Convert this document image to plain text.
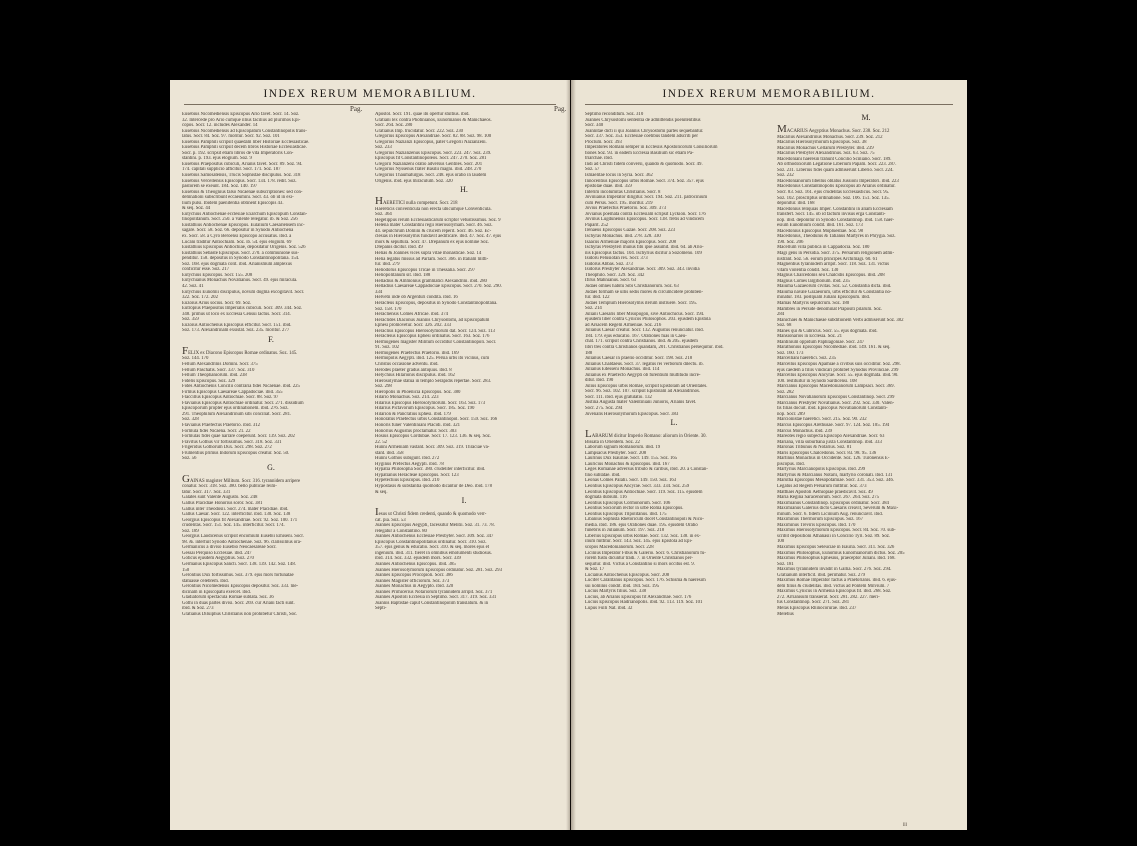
INDEX RERUM MEMORABILIUM.
Pag.	Pag.
Eusebius Nicomediensis Episcopus Ario favet. Socr. 14. Soz.
32. Intercede pro Ario cumque illius facilius ad plurimos Epi-
copos. Socr. 12. includes Alexander. 14
Eusebius Nicomediensis ad Episcopatum Constantinopolis trans-
latus. Socr. 84. Soz. 97. moritur. Socr. 92. Soz. 101
Eusebius Pamphili scripsit quaedam liber Historiae Ecclesiasticae.
Eusebius Pamphili scripsit decem libros Historiae Ecclesiasticae.
Socr. p. 192. scripsit etiam libros de vita Imperatoris Con-
stantini. p. 193. ejus elogium. Soz. 9
Eusebius Praepositus cubiculi, Arianis favet. Socr. 89. Soz. 94.
174. capitali supplicio afficitur. Socr. 171. Soz. 187
Eusebius Samosatensis, Trucis Sophistae discipulus. Soz. 318
Eusebius Vercellensis Episcopus. Socr. 134. 178. redit. Soz.
pastorem se exeunt. 184. Soz. 140. 197
Eusebius & Theognius falso Nicaenae subscriptiones: sed con-
demnationi subscribunt eccaeumini. Socr. 43. ob id in exi-
lium pulsi. Ibidem paenitentia obtinent Episcopis 43.
& seq. Soz. 44
Eutychius Antiochenae ecclesiae Exarchum Episcopum Constan-
tinopolitanum. Socr. 250. a Valente relegatur. ib. & Soz. 256
Eustathius Antiochenae Episcopus. Eulalium Caesariensem inc-
sagare. Socr. 58. Soz. 66. depositur in Synodo Antiochena
ex. Socr. 58. a Cyro Beroensi Episcopo accusatus. ibid. a
Lucani traditur Antiochiam. Soz. ib. 54. ejus elogium. 69
Eustathius Episcopus Antiochiae, depositatur Origenis. Soz. 526
Eustathius Sebaste Episcopus. Socr. 270. a communione sus-
penditur. 158. depositus in Synodo Constantinopolitana. 154.
Soz. 168. ejus dogmata colit. ibid. Arianismum amplexus
conficitur esse. Soz. 217
Eutychius Episcopus. Socr. 155. 208
Eutychianus Monachus Novatianus. Socr. 49. ejus miracula.
42. Soz. 41
Eutychius Eunomii discipulus, novum dogma excogitavit. Socr.
322. Soz. 172. 202
Euzoius Arius socius. Socr. 69. Soz.
Eutropius Praepositus Imperialis cubiculi. Socr. 309. 344. Soz.
348. primus ut loco ex Ecclesia Censui lactus. Socr. 314.
Soz. 359
Euzoius Antiochenus Episcopus efficitur. Socr. 151. ibid.
Soz. 173. Alexandrinam exsistat. Soz. 235. moritur. 277
F.
FELIX ex Diacono Episcopus Romae ordinatus. Soz. 145.
Soz. 144. 170
Fellum Alexandrinis Domini. Socr. 375
Fellum Paschatis. Socr. 337. Soz. 310
Fellum Theophaniorum. ibid. 238
Fidelis Episcopus. Soz. 329
Fides Antiochenis Concilii contraria fidei Nicaenae. ibid. 225
Firmus Episcopus Caesareae Cappadociae. ibid. 355
Flaccillus Episcopus Antiochiae. Socr. 88. Soz. 97
Flavianus Episcopus Antiochiae ordinatur. Socr. 271. dissidium
Episcoporum propter ejus ordinationem. ibid. 276. Soz.
291. Theophilum Alexandrinum sibi conciliat. Socr. 281.
Soz. 328
Flavianus Praefectus Praetorio. ibid. 312
Formula fidei Nicaena. Socr. 21. 22
Formulas fidei quae narrare coeperunt. Socr. 139. Soz. 202
Fravitus Gothus vir fortissimus. Socr. 318. Soz. 331
Frigeridus Gothorum Dux. Socr. 298. Soz. 272
Frumentius primus Indorum Episcopus creatur. Soz. 50.
Soz. 56
G.
GAINAS magister Militum. Socr. 316. tyrannidem arripere
conatur. Socr. 318. Soz. 380. bello publicae reim-
tatur. Socr. 317. Soz. 331
Galates sunt Valente Augusto. Soz. 248
Gallus Placidiae Honorius soror. Soz. 381
Gallus inter Theodosii. Socr. 274. mater Placidiae. ibid.
Gallus Caesar. Socr. 122. interficitur. ibid. 130. Soz. 138
Georgius Episcopus fit Alexandriae. Socr. 92. Soz. 100. 171
crudelitas. Socr. 151. Soz. 145. interficitur. Socr. 174.
Soz. 189
Georgius Laodicenus scripsit encomium Eusebii Emiseni. Socr.
98. &. interfuit Synodo Antiochenae. Soz. 96. clarissimus ora-
Germanicus a diviso Eusebio Neocaesareae Socr.
Gessai Perquiso Ecclesiae. ibid. 247
Goticus ejusdem Aegyptius. Soz. 270
Germanus Episcopus Sancti. Socr. 138. 139. 142. Soz. 148.
150
Gerontius Dux fortissimus. Soz. 379. ejus mors fortunatae
statuasse celebrem. ibid.
Gerontius Nicomedensis Episcopus depositur. Soz. 333. me-
dicinam in Episcopatu exercet. ibid.
Gladiatorum spectacula Romae sublata. Soz. 36
Gothi in duas partes divisi. Socr. 269. cur Ariani facti sunt.
ibid. & Soz. 273
Gratianus Diluiphus Christianis non prohibetur Christi, Soc.
Apostol. Socr. 191. quae ibi opertur stultius. ibid.
Gratiani lex contra Photinianos, Eunomianos & Manichaeos.
Socr. 264. Soz. 280
Gratianus Imp. trucidatur. Socr. 222. Soz. 230
Gregorius Episcopus Alexandriae. Socr. 82. 88. Soz. 98. 100
Gregorius Nazianzi Episcopus, pater Gregorii Nazianzeni.
Soz. 233
Gregorius Nazianzenus Episcopus. Socr. 223. 247. Soz. 239.
Episcopus fit Constantinopoleos. Socr. 247. 270. Soz. 281
Gregorii Nazianzeni oratio adversus Gentiles. Socr. 201
Gregorius Nyssenus frater Basilii magni. ibid. 248. 270
Gregorius Thaumaturgus. Socr. 248. ejus oratio in laudem
Origenis. ibid. ejus miraculum. Soz. 320
H.
HAERETICI nulla competunt. Socr. 218
Haereticis conventicula non erecta ubicumque Conventicula.
Soz. 364
Hegelippus rerum Ecclesiasticarum scriptor vetustissimus. Soz. 9
Helena mater Constantini regii Hierosolymam. Socr. 46. Soz.
44. sepulchrum Domini & crucem reperit. Socr. 46. Soz. Ec-
clesias in Hierosolymis fundavit aedificare. ibid. 47. Soz. 47. ejus
mors & sepultura. Socr. 47. Drepanum ex ejus nomine Soz.
Drepanis dicitur. ibid. 49
Helias & Joannes vices supra vitae monasticae. Soz. 14
Helia legatus missus ad Parlam. Socr. 366. in Italiam mitti-
tur. ibid. 279
Heliodorus Episcopus Tricae in Thessalia. Socr. 297
Heliopolitanum sit. ibid. 188
Helladius & Ammonius grammatici Alexandrini. ibid. 280
Helladius Caesareae Cappadociae Episcopus. Socr. 270. Soz. 290.
334
Helvetii inde ob Argenturi condita. ibid. 16
Heracleus Episcopus, depositus in Synodo Constantinopolitana.
Soz. 158. 170
Heracliensis Comes Africae. ibid. 374
Heraclides Diaconus Joannis Chrysostomi, ad Episcopatum
Ephesi promovetur. Socr. 326. 202. 333
Heraclius Episcopus Hierosolymorum dat. Socr. 124. Soz. 113
Heracleius Episcopus Ephesi ordinatus. Socr. 163. Soz. 176
Hermogenes magister Militum occiditur Constantinopoli. Socr.
91. Soz. 102
Hermogenes Praefectus Praetorio. ibid. 169
Hermopolis Aegypti. ibid. 125. Persia urbs ibi vicinus, cum
Christus occasione adventu. ibid.
Herodes praeter gradus antiquus. ibid. 8
Helychius Hilarionis discipulus. ibid. 162
Hierosolymae statua in templo Serapidis repertae. Socr. 283.
Soz. 298
Hieropolis in Phoenicia Episcopus. Soz. 380
Hilario Monachus. Soz. 214. 223
Hilarius Episcopus Hierosolymorum. Socr. 163. Soz. 173
Hilarius Pictavorum Episcopus. Socr. 185. Soz. 190
Hilarion & Pancratius Ephesi. ibid. 179
Honoratus Praefectus urbis Constantinopol. Socr. 159. Soz. 166
Honoris funer Valentiniani Placidi. ibid. 321
Honorius Augustus proclamatur. Socr. 303
Hosius Episcopus Cordubae. Socr. 17. 123. 136. & seq. Soz.
22. 52
Hunni Armeniam vastant. Socr. 309. Soz. 319. Thraciae va-
stant. ibid. 358
Hunni Gothos subigunt. ibid. 272
Hyginus Prefectus Aegypti. ibid. 78
Hypatia Philosopha Socr. 380. crudeliter interficitur. ibid.
Hypatianus Heracleae Episcopus. Socr. 123
Hypetechius Episcopus. ibid. 210
Hypostasis & substantia quomodo dicantur de Deo. ibid. 178
& seq.
I.
Iesus ut Christi fidem credenti, quando & quomodo verr-
cat. pia. Soz. 53
Joannes Episcopus Aegypti, facessitur Melitii. Soz. 31. 73. 78.
relegatur a Constantino. 80
Joannes Antiochenus Ecclesiae Presbyter. Socr. 309. Soz. 347
Episcopus Constantinopolitanus ordinatur. Socr. 310. Soz.
357. ejus genus & educatio. Socr. 310. & seq. mores ejus et
ingenium. ibid. 311. fieret in omnibus emolumenti studiosus.
ibid. 314. Soz. 332. ejusdem mors. Socr. 339
Joannes Antiochenus Episcopus. ibid. 385
Joannes Hierosolymorum Episcopus ordinatur. Soz. 281. Soz. 293
Joannes Episcopus Procopioli. Socr. 386
Joannes Magister officiorum. Soz. 373
Joannes Monachus in Aegypto. ibid. 320
Joannes Primicerius Notariorum tyrannidem arripit. Soz. 371
Joannes Apostoli Ecclesia in Septimo. Socr. 317. 319. Soz. 331
Joannis Baptistae caput Constantinopolim translatum. & in
Septi-
INDEX RERUM MEMORABILIUM.
Septimo reconditum. Soz. 310
Joannes Chrysostomi sententia de admittendis poenitentibus
Socr. 340
Joannitae dicti ii qui Joannis Chrysostomi partes sequebantur.
Socr. 337. Soz. 353. Ecclesiae coetibus tandem adscriti per
Proclum. Socr. 393
Imperatores Romani semper in Ecclesiis Apostolicorum Consiliorum
tiones Soz. 93. in eadem Ecclesia Basilium sic etiam Pa-
triarchae. ibid.
Indi ad Christi fidem conversi, quando & quomodo. Socr. 49.
Soz. 57
Ismaelitae locus in Syria. Socr. 362
Innocentius Episcopus urbis Romae. Socr. 374. Soz. 357. ejus
epistolae duae. ibid. 359
Interim incolumitas Christianis. Socr. 8
Jovinianus Imperator diligitur. Socr. 194. Soz. 211. patrocinium
cum Persis. Socr. 195. moritur. 219
Jovius Praefectus Praetorio. Soz. 309. 373
Jovianus poemata contra Ecclesiam scripsit Lyckion. Socr. 176
Jovinus Lugdunensis Episcopus. Socr. 138. fretis ad vindicem
Paparit. 252
Irenaeus Episcopus Gazae. Socr. 208. Soz. 223
Ischyras Monachus. ibid. 278. 328. 330
Isaacus Armeniae majoris Episcopus. Socr. 208
Ischyras Presbyteri munus fibi ipse assumit. ibid. 64. ab Ario-
nis Episcopus factus. 104. Ischyrius dicitur a Sozomeno. 109
Isidoru Pelusiotan rex. Socr. 373
Isidorus Abbas. Soz. 373
Isidorus Presbyter Alexandriae. Socr. 309. Soz. 343. invidia
Theophilo. Socr. 329. Soz. 342
Ifirus Mahnianus. Socr. 63
Judaei omnes habitu Sibi Christianorum. Soz. 63
Judaei formam se ullis sedis mores & circumcidere prohiben-
tur. ibid. 122
Judaei Templum Hierosolymis iterum instruere. Socr. 195.
Soz. 214
Juliani Caesaris liber Misopogon, sive Antiochicus. Socr. 194.
ejusdem liber contra Cynicos Philosophos. 203. ejusdem Epistola
ad Arsacem Regem Armeniae. Soz. 216
Julianus Caesar creatur. Socr. 132. Augustus renunciatur. ibid.
184. 179. ejus educatio. 167. Orationes fuas in Caeu-
chat. 171. scripsit contra Christianos. ibid. & 205. ejusdem
libri tres contra Christianos quandam, 201. Christianos persequitur. ibid.
188
Julianus Caesar in praelio occiditur. Socr. 198. Soz. 218
Julianus Chaldaeus. Socr. 37. legatus rei verborum dilectu. ib.
Julianus Edesseni Monachus. ibid. 114
Julianus ex Praefecto Aegypti ob furentium multitudo incre-
ditur. ibid. 190
Julius Episcopus urbis Romae, scripsit Epistolam ad Orientales.
Socr. 96. Soz. 102. 107. scripsit Epistolam ad Alexandrinos.
Socr. 111. ibid. ejus gratulatio. 132
Justina Augusta mater Valentiniani Junioris, Arianis favet.
Socr. 275. Soz. 294
Juvenalis Hierosolymorum Episcopus. Socr. 383
L.
LABARUM dicitur Imperio Romano: aliorum in Oriente. 30.
Bissata in Orientem. Soz. 22
Laborum signum Romanorum. ibid. 19
Lampsacus Presbyter. Socr. 208
Laurinus Dux Isauriae. Socr. 149. 155. Soz. 165
Lauricius Monachus & Episcopus. ibid. 167
Leges Romanae adversus tributo & caribus, ibid. 20. a Constan-
tino sublatae. ibid.
Leonas Comes Palatii. Socr. 149. 150. Soz. 163
Leontius Episcopus Ancyrae. Socr. 333. 334. Soz. 259
Leontius Episcopus Antiochiae. Socr. 119. Soz. 115. ejusdem
dogmata dubium. 116
Leontius Episcopus Cormonorum. Socr. 106
Leontius Sociorum rector in urbe Roma Episcopus.
Leontius Episcopus Tripolitanus. ibid. 175
Libanius Sophista Rhetoricum docet Constantinopoli & Nico-
media. ibid. 186. ejus Orationes duae. 195. ejusdem Oratio
funebris in Julianum. Socr. 197. Soz. 218
Liberius Episcopus urbis Romae. Socr. 132. Soz. 138. in ex-
ilium mittitur. Socr. 143. Soz. 145. ejus Epistola ad Epi-
scopos Macedonianorum. Socr. 228
Licinius Imperator Fibus & Galerio. Socr. 6. Christianorum fu-
rorem fustu dicuntur tradi. 7. in Oriente Christianos per-
sequitur. ibid. Victus a Constantino si mors occitus est. 9.
& Soz. 17
Lucianus Antiochenus Episcopus. Socr. 208
Lucifer Caralitanus Episcopus. Socr. 176. Schisma & haeresim
sui nominis condit. ibid. 184. Soz. 195
Lucius Martyris filius. Soz. 338
Lucius, ab Arianis Episcopus fit Alexandriae. Socr. 176
Lucius Episcopus Hadrianopolis. ibid. 92. 113. 119. Soz. 101
Lupus Fulli Nat. ibid. 32
M.
MACARIUS Aegyptius Monachus. Socr. 238. Soz. 212
Macarius Alexandrinus Monachus. Socr. 239. Soz. 212
Macarius Hierosolymorum Episcopus. Soz. 38
Macarius Monachus Cellarum Presbyter. ibid. 239
Macarius Presbyter Alexandrinus. Soz. 63. Soz. 75
Macedoniani haeresin trahunt Concilio Sciniano. Socr. 189.
Ab orthodoxorum Legatione Liberium Papam. Socr. 223. 287.
Soz. 231. Liberius fidei quam admiserunt Liberio. Socr. 224.
Soz. 232
Macedonianorum libellus oblatus Jussioni Imperatori. ibid. 223
Macedonius Constantinopolis Episcopus ab Arianis ordinatur.
Socr. 83. Soz. 161. ejus crudelitas Ecclesiasticus. Socr. 95.
Soz. 102. proscriptus ordinatione. Soz. 106. 151. Soz. 135.
deponitur. ibid. 168
Macedonius reliquias Imper. Constantini in aliam Ecclesiam
transfert. Socr. 145. ob id factum invisus erga Constanti-
nop. ibid. deponitur in Synodo Constantinop. ibid. 158. haer-
esium Eunomium condit. ibid. 161. Soz. 173
Macedonius Episcopus Mopluestiae. Soz. 98
Macedonius, Theodulus & Tatianus Martyres in Phrygia. Soz.
190. Soz. 206
Macellum villa publica in Cappadocia. Soz. 180
Magi gens in Persidia. Socr. 375. Persarum religionem admi-
nistrant. Soz. 56. eorum principes Archimagi. 60. 61
Magnentius tyrannidem arripit. Socr. 118. Soz. 131. victus
vitam violentia condit. Soz. 130
Magnus Chalcedonis seu Chalcidis Episcopus. ibid. 208
Magnus Comes largitionum. ibid. 235
Maiuma Gazaeorum civitas. Soz. 52. Constantia dicta. ibid.
Maiuma navale Gazaeorum, urbs efficitur & Constantia no-
minatur. 183. postquam Juliani Episcopum. ibid.
Mamas Martyris sepulcrum. Soz. 180
Mambres in Perside denominat Prapositi pilarum. Soz.
284
Manichaei & Manichaeae subditionem Verbi admiserunt Soz. 382
Soz. 68
Manes qui & Cubricus. Socr. 55. ejus dogmata. ibid.
Mansionarios in Ecclesia. Soz. 21
Mantinium oppidum Paphlagoniae. Socr. 247
Marathonius Episcopus Nicomediae. ibid. 149. 161. & seq.
Soz. 160. 173
Marcelliani haeretici. Soz. 235
Marcellus Episcopus Apamiae a civibus suis occiditur. Soz. 298.
ejus caedem a filiis vindicari prohibet Synodus Provinciae. 299
Marcellus Episcopus Ancyrae. Socr. 55. ejus dogmata. ibid. 90.
100. restituitur in Synodo Sardicensi. 108
Marcianus Episcopus Macedonianorum Lampsaci. Socr. 369.
Soz. 282
Marcianus Novatianorum Episcopus Constantinop. Socr. 299
Marcianus Presbyter Novatianus. Socr. 292. Soz. 330. Valen-
tis filias docuit. ibid. Episcopus Novatianorum Constanti-
nop. Socr. 289
Marcionistae haeretici. Socr. 215. Soz. 90. 232
Marcus Episcopus Arethusae. Socr. 97. 124. Soz. 105. 194
Marcus Monachus. ibid. 239
Mareotes regio subjecta Episcopo Alexandriae. Socr. 63
Mariana, villa suburbana juxta Constantinop. ibid. 333
Maronas Tribunus & Notarius. Soz. 81
Maris Episcopus Chalcedonis. Socr. 83. 98. 95. 136
Martinus Monachus in Occidente. Soz. 126. Turonensis E-
piscopus. ibid.
Martyrius Marcianopolis Episcopus. ibid. 299
Martyrius & Marcianus Notarii, martyrio coronati. ibid. 131
Marutha Episcopus Mesopotamiae. Socr. 331. 353. Soz. 346.
Legatus ad Regem Persarum mittitur. Soz. 373
Matthaei Apostoli Aethiopiae praedicavit. Soz. 49
Maria Regina Saracenorum. Socr. 267. 264. Soz. 275
Maximianus Constantinop. Episcopus ordinatur. Socr. 384
Maximianus Galerius dicto Caesaris creavit, Severum & Maxi-
minum. Socr. 6. fidem Licinium Aug. renunciavit. ibid.
Maximinus Thermorum Episcopus. Soz. 167
Maximinus Treviris Episcopus. ibid. 170
Maximus Hierosolymorum Episcopus. Socr. 84. Soz. 70. sub-
scribit depositioni Athanasii in Concilio Tyri. Soz. 89. Soz.
100
Maximus Episcopus Seleuciae in Isauria. Socr. 311. Soz. 326
Maximus Philosophus, Eunomius Eunomianorum dictus. Soz. 205
Maximus Philosophus Ephesius, praeceptor Juliani. ibid. 168.
Soz. 181
Maximus tyrannidem invadit in Gallia. Socr. 276. Soz. 294.
Gratianum interficit. ibid. perimatur. Soz. 279
Maximus Romae Imperator factus a Praetorianis. ibid. 6. ejus-
dem filius & crudelitas. ibid. victus ad Pontem Milvium. 7
Maximus Cynicus in Armenia Episcopus fit. ibid. 268. Soz.
272. Arrianisum transierat. Socr. 281. 282. 227. meri-
tus Constantinop. Socr. 271. Soz. 281
Melas Episcopus Rhinocorurae. ibid. 237
Meletius
lll
